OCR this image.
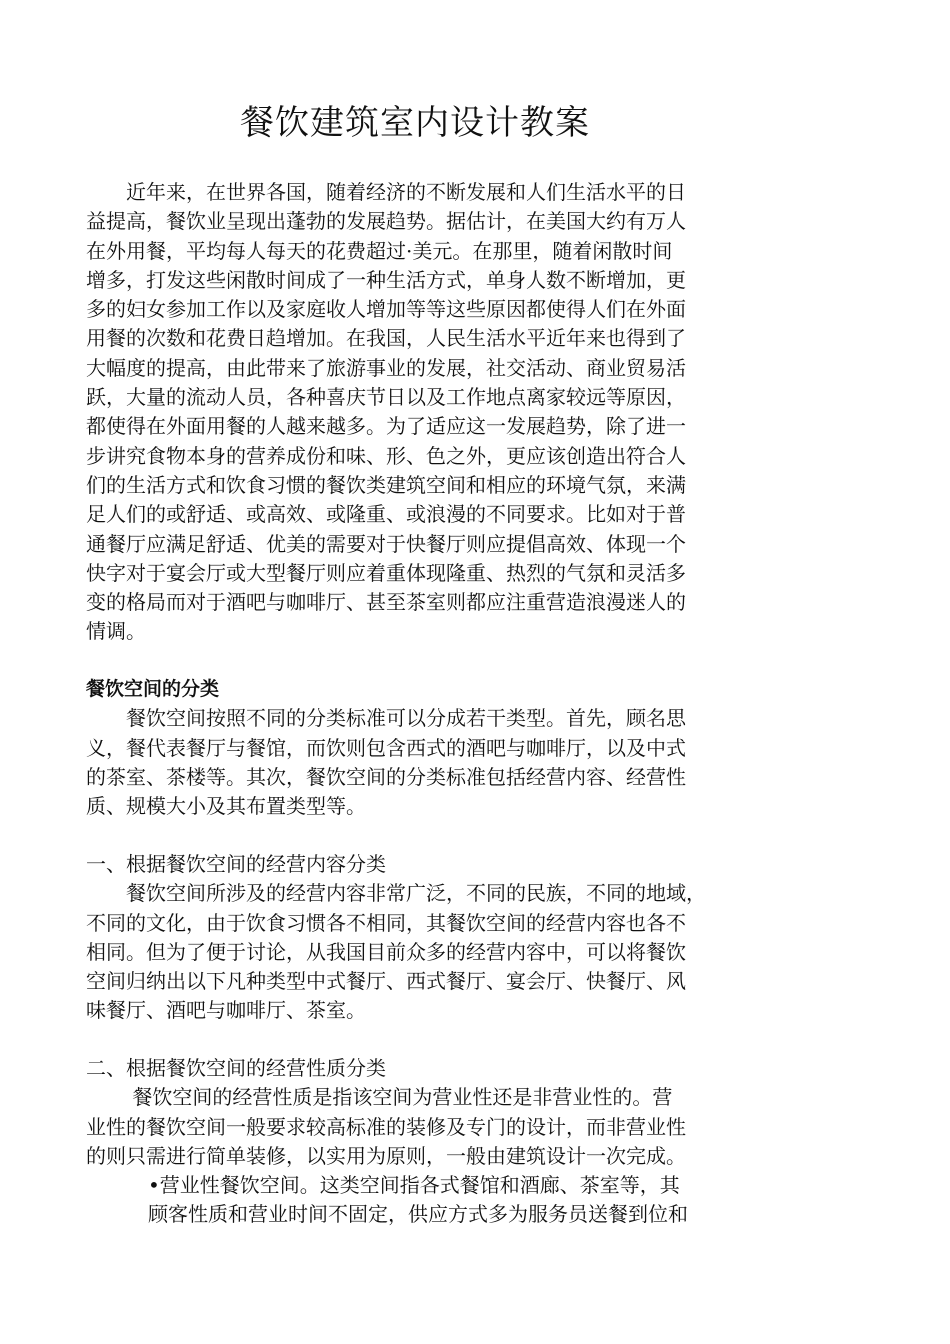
餐饮建筑室内设计教案
　　近年来，在世界各国，随着经济的不断发展和人们生活水平的日
益提高，餐饮业呈现出蓬勃的发展趋势。据估计，在美国大约有万人
在外用餐，平均每人每天的花费超过·美元。在那里，随着闲散时间
增多，打发这些闲散时间成了一种生活方式，单身人数不断增加，更
多的妇女参加工作以及家庭收人增加等等这些原因都使得人们在外面
用餐的次数和花费日趋增加。在我国，人民生活水平近年来也得到了
大幅度的提高，由此带来了旅游事业的发展，社交活动、商业贸易活
跃，大量的流动人员，各种喜庆节日以及工作地点离家较远等原因，
都使得在外面用餐的人越来越多。为了适应这一发展趋势，除了进一
步讲究食物本身的营养成份和味、形、色之外，更应该创造出符合人
们的生活方式和饮食习惯的餐饮类建筑空间和相应的环境气氛，来满
足人们的或舒适、或高效、或隆重、或浪漫的不同要求。比如对于普
通餐厅应满足舒适、优美的需要对于快餐厅则应提倡高效、体现一个
快字对于宴会厅或大型餐厅则应着重体现隆重、热烈的气氛和灵活多
变的格局而对于酒吧与咖啡厅、甚至茶室则都应注重营造浪漫迷人的
情调。
餐饮空间的分类
　　餐饮空间按照不同的分类标准可以分成若干类型。首先，顾名思
义，餐代表餐厅与餐馆，而饮则包含西式的酒吧与咖啡厅，以及中式
的茶室、茶楼等。其次，餐饮空间的分类标准包括经营内容、经营性
质、规模大小及其布置类型等。
一、根据餐饮空间的经营内容分类
　　餐饮空间所涉及的经营内容非常广泛，不同的民族，不同的地域，
不同的文化，由于饮食习惯各不相同，其餐饮空间的经营内容也各不
相同。但为了便于讨论，从我国目前众多的经营内容中，可以将餐饮
空间归纳出以下凡种类型中式餐厅、西式餐厅、宴会厅、快餐厅、风
味餐厅、酒吧与咖啡厅、茶室。
二、根据餐饮空间的经营性质分类
　　 餐饮空间的经营性质是指该空间为营业性还是非营业性的。营
业性的餐饮空间一般要求较高标准的装修及专门的设计，而非营业性
的则只需进行简单装修，以实用为原则，一般由建筑设计一次完成。
•营业性餐饮空间。这类空间指各式餐馆和酒廊、茶室等，其
顾客性质和营业时间不固定，供应方式多为服务员送餐到位和
